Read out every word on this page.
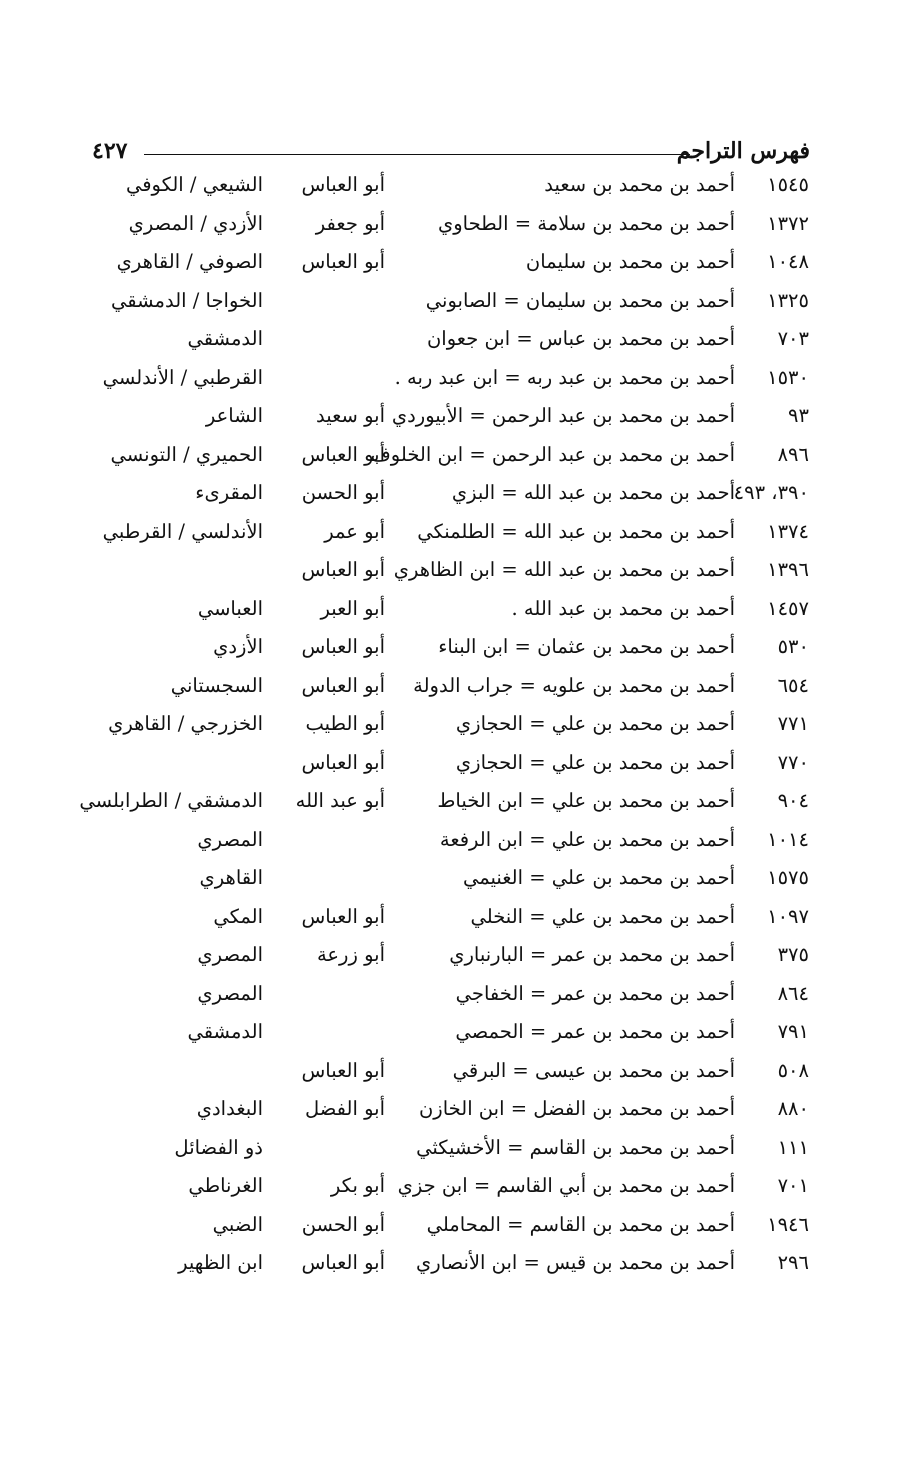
فهرس التراجم
٤٢٧
١٥٤٥
أحمد بن محمد بن سعيد
أبو العباس
الشيعي / الكوفي
١٣٧٢
أحمد بن محمد بن سلامة = الطحاوي
أبو جعفر
الأزدي / المصري
١٠٤٨
أحمد بن محمد بن سليمان
أبو العباس
الصوفي / القاهري
١٣٢٥
أحمد بن محمد بن سليمان = الصابوني
الخواجا / الدمشقي
٧٠٣
أحمد بن محمد بن عباس = ابن جعوان
الدمشقي
١٥٣٠
أحمد بن محمد بن عبد ربه = ابن عبد ربه .
القرطبي / الأندلسي
٩٣
أحمد بن محمد بن عبد الرحمن = الأبيوردي
أبو سعيد
الشاعر
٨٩٦
أحمد بن محمد بن عبد الرحمن = ابن الخلوف
أبو العباس
الحميري / التونسي
٣٩٠، ٤٩٣
أحمد بن محمد بن عبد الله = البزي
أبو الحسن
المقرىء
١٣٧٤
أحمد بن محمد بن عبد الله = الطلمنكي
أبو عمر
الأندلسي / القرطبي
١٣٩٦
أحمد بن محمد بن عبد الله = ابن الظاهري
أبو العباس
١٤٥٧
أحمد بن محمد بن عبد الله .
أبو العبر
العباسي
٥٣٠
أحمد بن محمد بن عثمان = ابن البناء
أبو العباس
الأزدي
٦٥٤
أحمد بن محمد بن علويه = جراب الدولة
أبو العباس
السجستاني
٧٧١
أحمد بن محمد بن علي = الحجازي
أبو الطيب
الخزرجي / القاهري
٧٧٠
أحمد بن محمد بن علي = الحجازي
أبو العباس
٩٠٤
أحمد بن محمد بن علي = ابن الخياط
أبو عبد الله
الدمشقي / الطرابلسي
١٠١٤
أحمد بن محمد بن علي = ابن الرفعة
المصري
١٥٧٥
أحمد بن محمد بن علي = الغنيمي
القاهري
١٠٩٧
أحمد بن محمد بن علي = النخلي
أبو العباس
المكي
٣٧٥
أحمد بن محمد بن عمر = البارنباري
أبو زرعة
المصري
٨٦٤
أحمد بن محمد بن عمر = الخفاجي
المصري
٧٩١
أحمد بن محمد بن عمر = الحمصي
الدمشقي
٥٠٨
أحمد بن محمد بن عيسى = البرقي
أبو العباس
٨٨٠
أحمد بن محمد بن الفضل = ابن الخازن
أبو الفضل
البغدادي
١١١
أحمد بن محمد بن القاسم = الأخشيكثي
ذو الفضائل
٧٠١
أحمد بن محمد بن أبي القاسم = ابن جزي
أبو بكر
الغرناطي
١٩٤٦
أحمد بن محمد بن القاسم = المحاملي
أبو الحسن
الضبي
٢٩٦
أحمد بن محمد بن قيس = ابن الأنصاري
أبو العباس
ابن الظهير
